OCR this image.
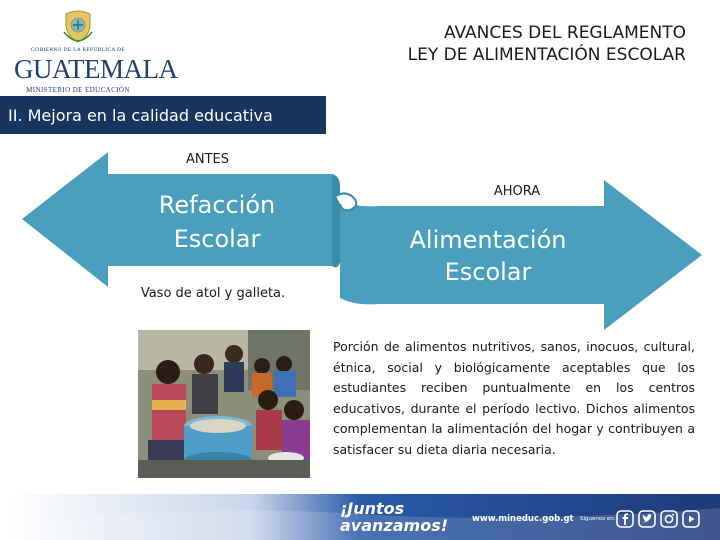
GOBIERNO DE LA REPÚBLICA DE
GUATEMALA
MINISTERIO DE EDUCACIÓN
AVANCES DEL REGLAMENTO
LEY DE ALIMENTACIÓN ESCOLAR
II. Mejora en la calidad educativa
ANTES
Refacción
Escolar
Vaso de atol y galleta.
AHORA
Alimentación
Escolar
Porción de alimentos nutritivos, sanos, inocuos, cultural, étnica, social y biológicamente aceptables que los estudiantes reciben puntualmente en los centros educativos, durante el período lectivo. Dichos alimentos complementan la alimentación del hogar y contribuyen a satisfacer su dieta diaria necesaria.
¡Juntos
avanzamos!	www.mineduc.gob.gt Síguenos en:
